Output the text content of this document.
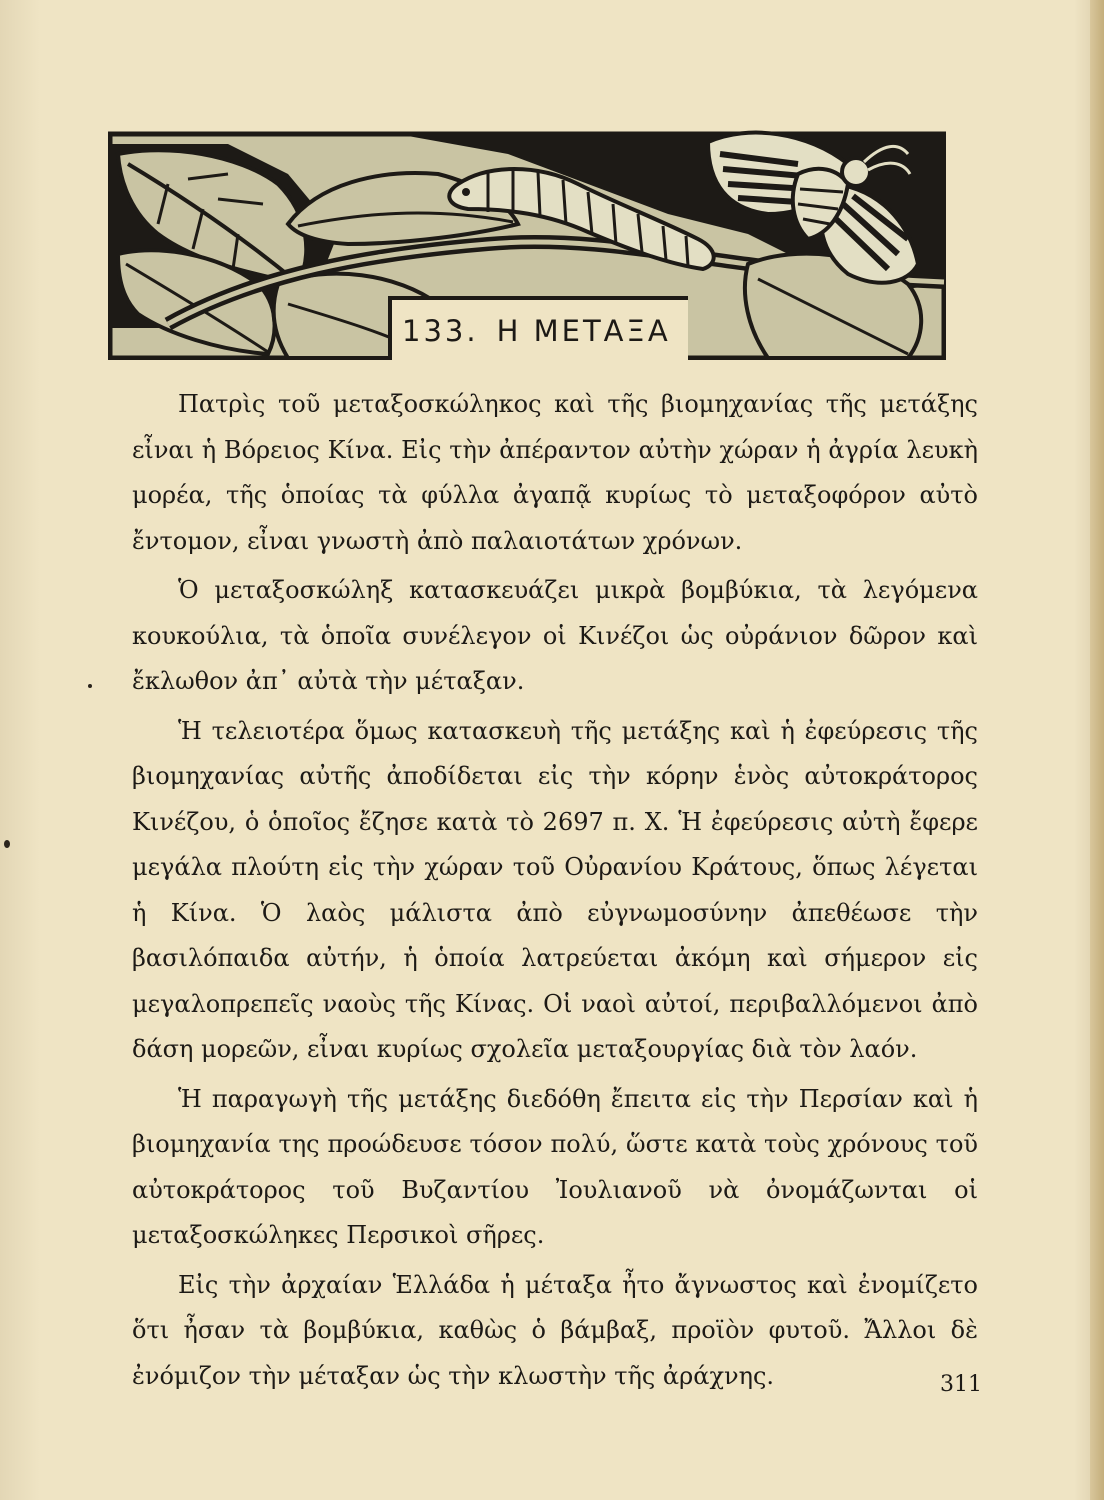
133. Η ΜΕΤΑΞΑ

Πατρὶς τοῦ μεταξοσκώληκος καὶ τῆς βιομηχανίας τῆς μετάξης εἶναι ἡ Βόρειος Κίνα. Εἰς τὴν ἀπέραντον αὐτὴν χώραν ἡ ἀγρία λευκὴ μορέα, τῆς ὁποίας τὰ φύλλα ἀγαπᾷ κυρίως τὸ μεταξοφόρον αὐτὸ ἔντομον, εἶναι γνωστὴ ἀπὸ παλαιοτάτων χρόνων.

Ὁ μεταξοσκώληξ κατασκευάζει μικρὰ βομβύκια, τὰ λεγόμενα κουκούλια, τὰ ὁποῖα συνέλεγον οἱ Κινέζοι ὡς οὐράνιον δῶρον καὶ ἔκλωθον ἀπ᾿ αὐτὰ τὴν μέταξαν.

Ἡ τελειοτέρα ὅμως κατασκευὴ τῆς μετάξης καὶ ἡ ἐφεύρεσις τῆς βιομηχανίας αὐτῆς ἀποδίδεται εἰς τὴν κόρην ἑνὸς αὐτοκράτορος Κινέζου, ὁ ὁποῖος ἔζησε κατὰ τὸ 2697 π. Χ. Ἡ ἐφεύρεσις αὐτὴ ἔφερε μεγάλα πλούτη εἰς τὴν χώραν τοῦ Οὐρανίου Κράτους, ὅπως λέγεται ἡ Κίνα. Ὁ λαὸς μάλιστα ἀπὸ εὐγνωμοσύνην ἀπεθέωσε τὴν βασιλόπαιδα αὐτήν, ἡ ὁποία λατρεύεται ἀκόμη καὶ σήμερον εἰς μεγαλοπρεπεῖς ναοὺς τῆς Κίνας. Οἱ ναοὶ αὐτοί, περιβαλλόμενοι ἀπὸ δάση μορεῶν, εἶναι κυρίως σχολεῖα μεταξουργίας διὰ τὸν λαόν.

Ἡ παραγωγὴ τῆς μετάξης διεδόθη ἔπειτα εἰς τὴν Περσίαν καὶ ἡ βιομηχανία της προώδευσε τόσον πολύ, ὥστε κατὰ τοὺς χρόνους τοῦ αὐτοκράτορος τοῦ Βυζαντίου Ἰουλιανοῦ νὰ ὀνομάζωνται οἱ μεταξοσκώληκες Περσικοὶ σῆρες.

Εἰς τὴν ἀρχαίαν Ἑλλάδα ἡ μέταξα ἦτο ἄγνωστος καὶ ἐνομίζετο ὅτι ἦσαν τὰ βομβύκια, καθὼς ὁ βάμβαξ, προϊὸν φυτοῦ. Ἄλλοι δὲ ἐνόμιζον τὴν μέταξαν ὡς τὴν κλωστὴν τῆς ἀράχνης.	311
